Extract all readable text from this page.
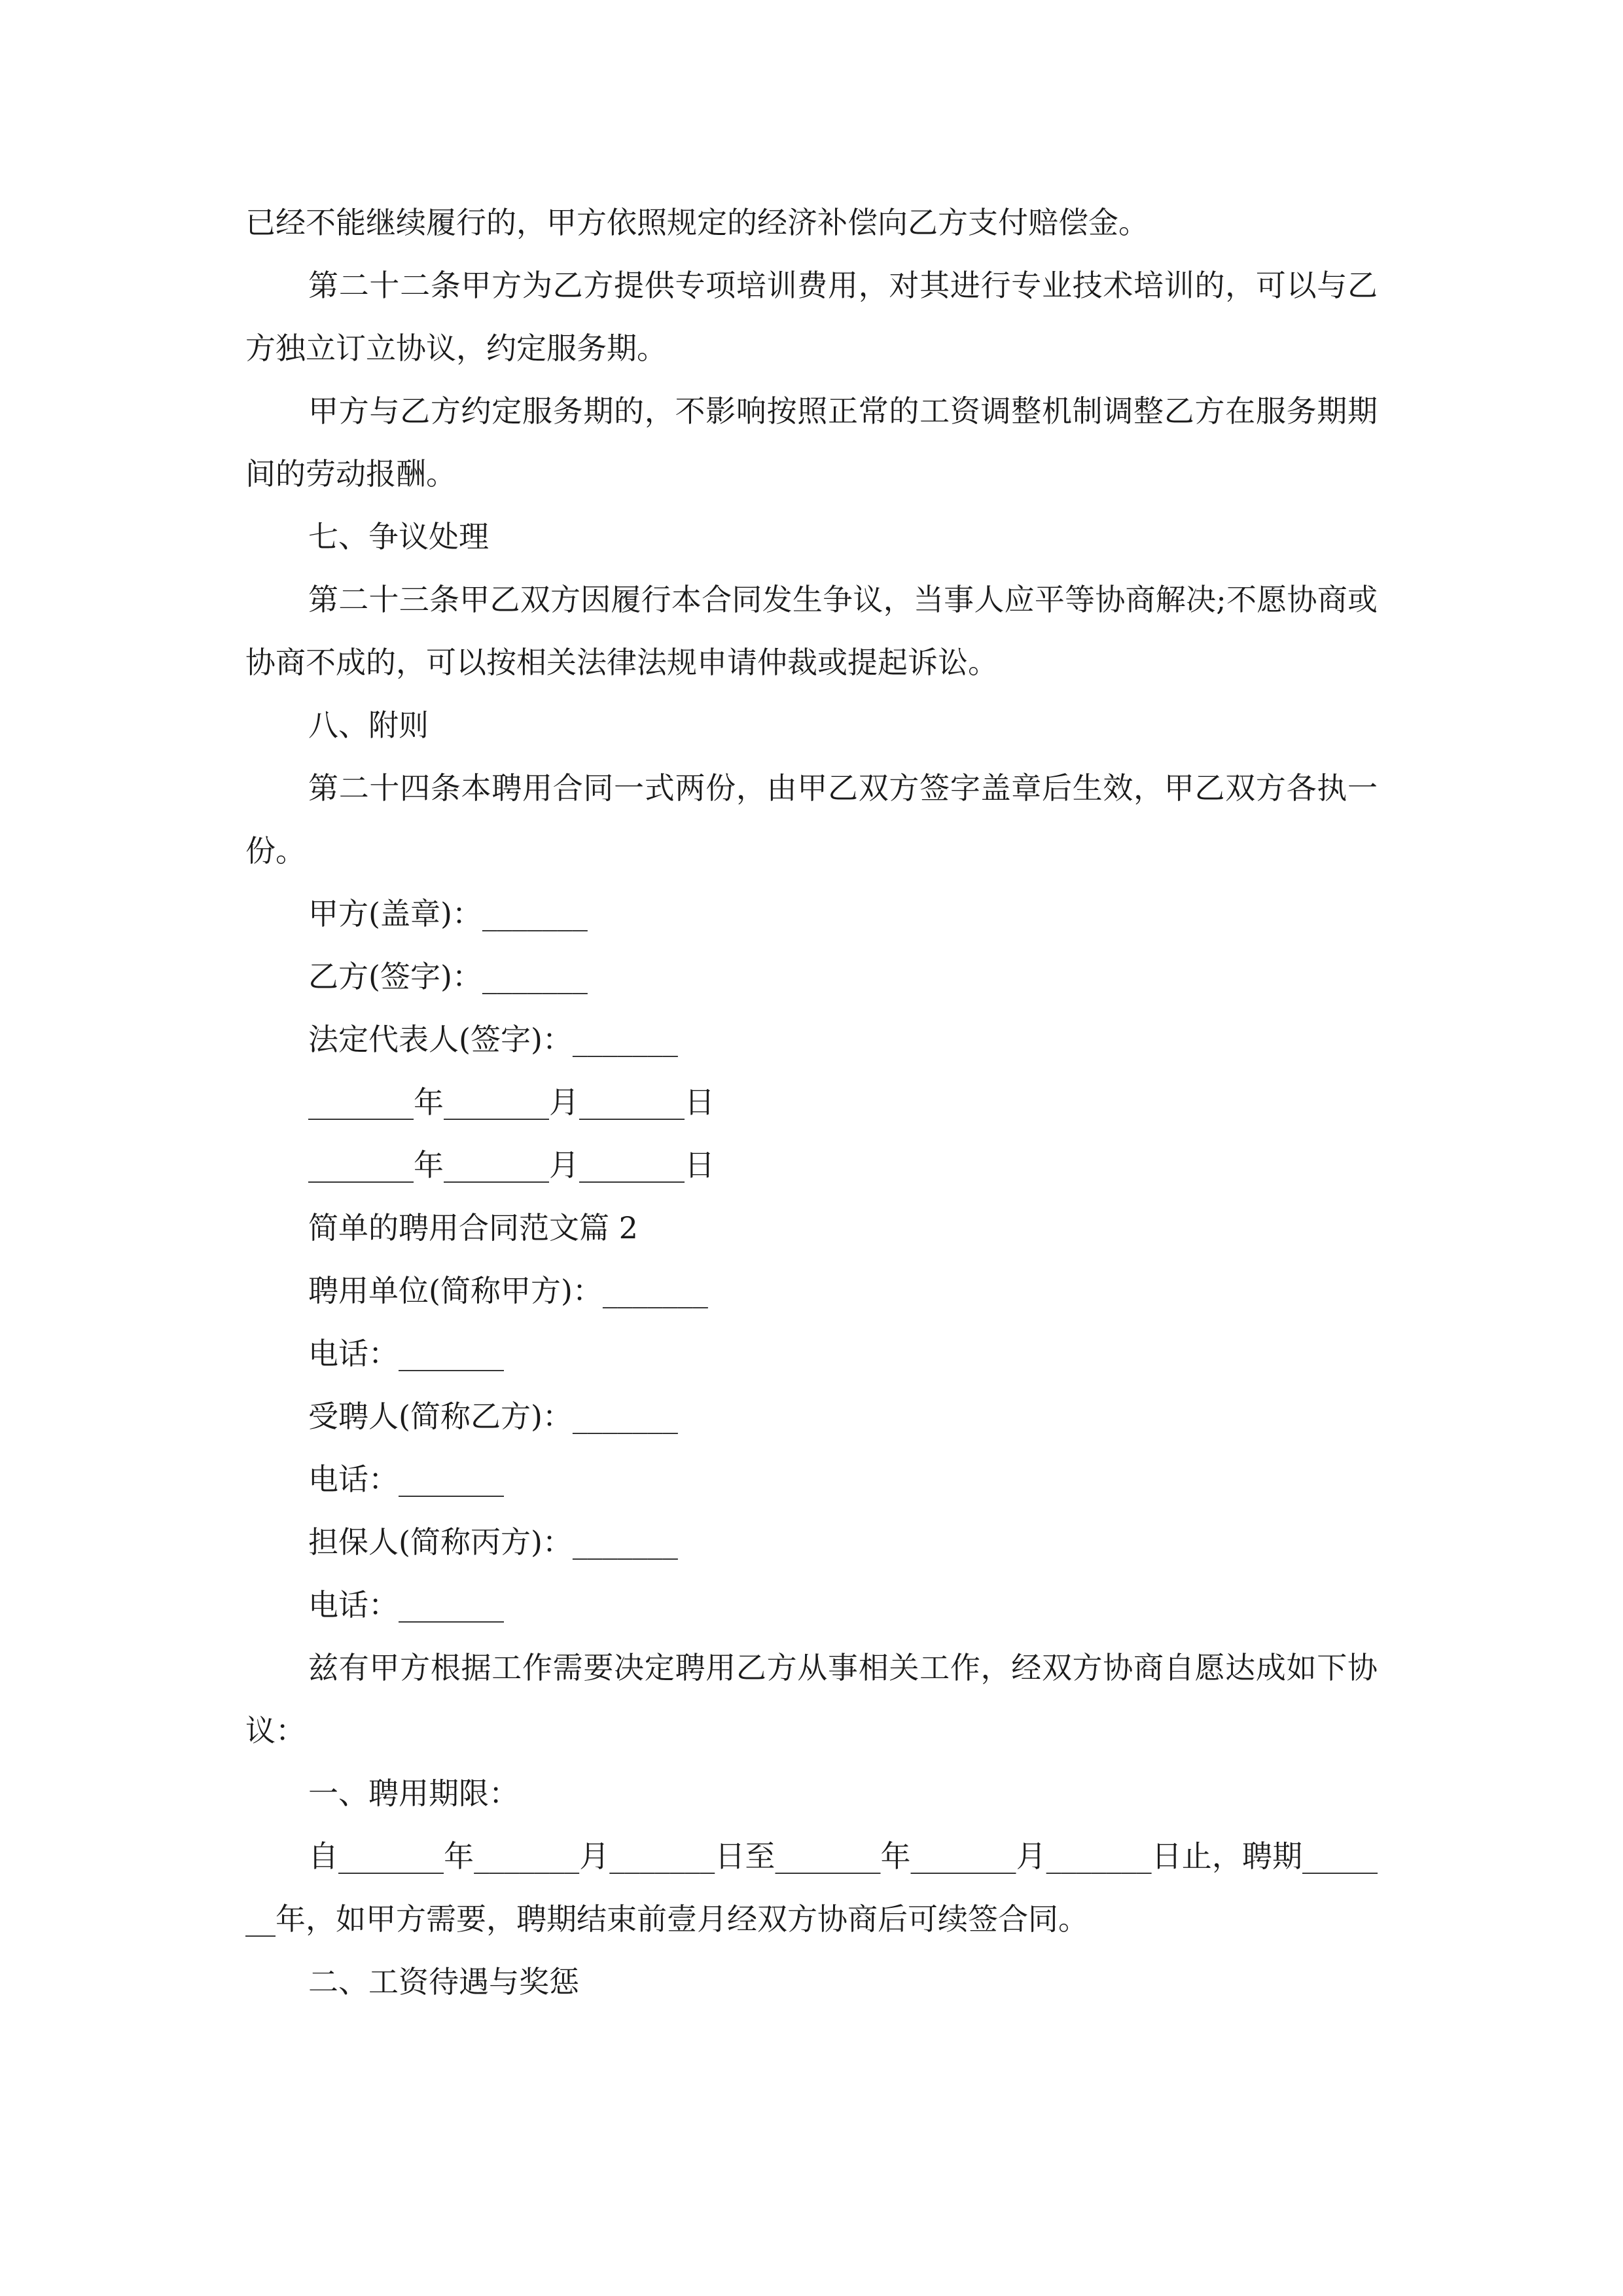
已经不能继续履行的，甲方依照规定的经济补偿向乙方支付赔偿金。

第二十二条甲方为乙方提供专项培训费用，对其进行专业技术培训的，可以与乙方独立订立协议，约定服务期。

甲方与乙方约定服务期的，不影响按照正常的工资调整机制调整乙方在服务期期间的劳动报酬。

七、争议处理

第二十三条甲乙双方因履行本合同发生争议，当事人应平等协商解决;不愿协商或协商不成的，可以按相关法律法规申请仲裁或提起诉讼。

八、附则

第二十四条本聘用合同一式两份，由甲乙双方签字盖章后生效，甲乙双方各执一份。

甲方(盖章)：_______

乙方(签字)：_______

法定代表人(签字)：_______

_______年_______月_______日

_______年_______月_______日

简单的聘用合同范文篇 2

聘用单位(简称甲方)：_______

电话：_______

受聘人(简称乙方)：_______

电话：_______

担保人(简称丙方)：_______

电话：_______

兹有甲方根据工作需要决定聘用乙方从事相关工作，经双方协商自愿达成如下协议：

一、聘用期限：

自_______年_______月_______日至_______年_______月_______日止，聘期_______年，如甲方需要，聘期结束前壹月经双方协商后可续签合同。

二、工资待遇与奖惩
